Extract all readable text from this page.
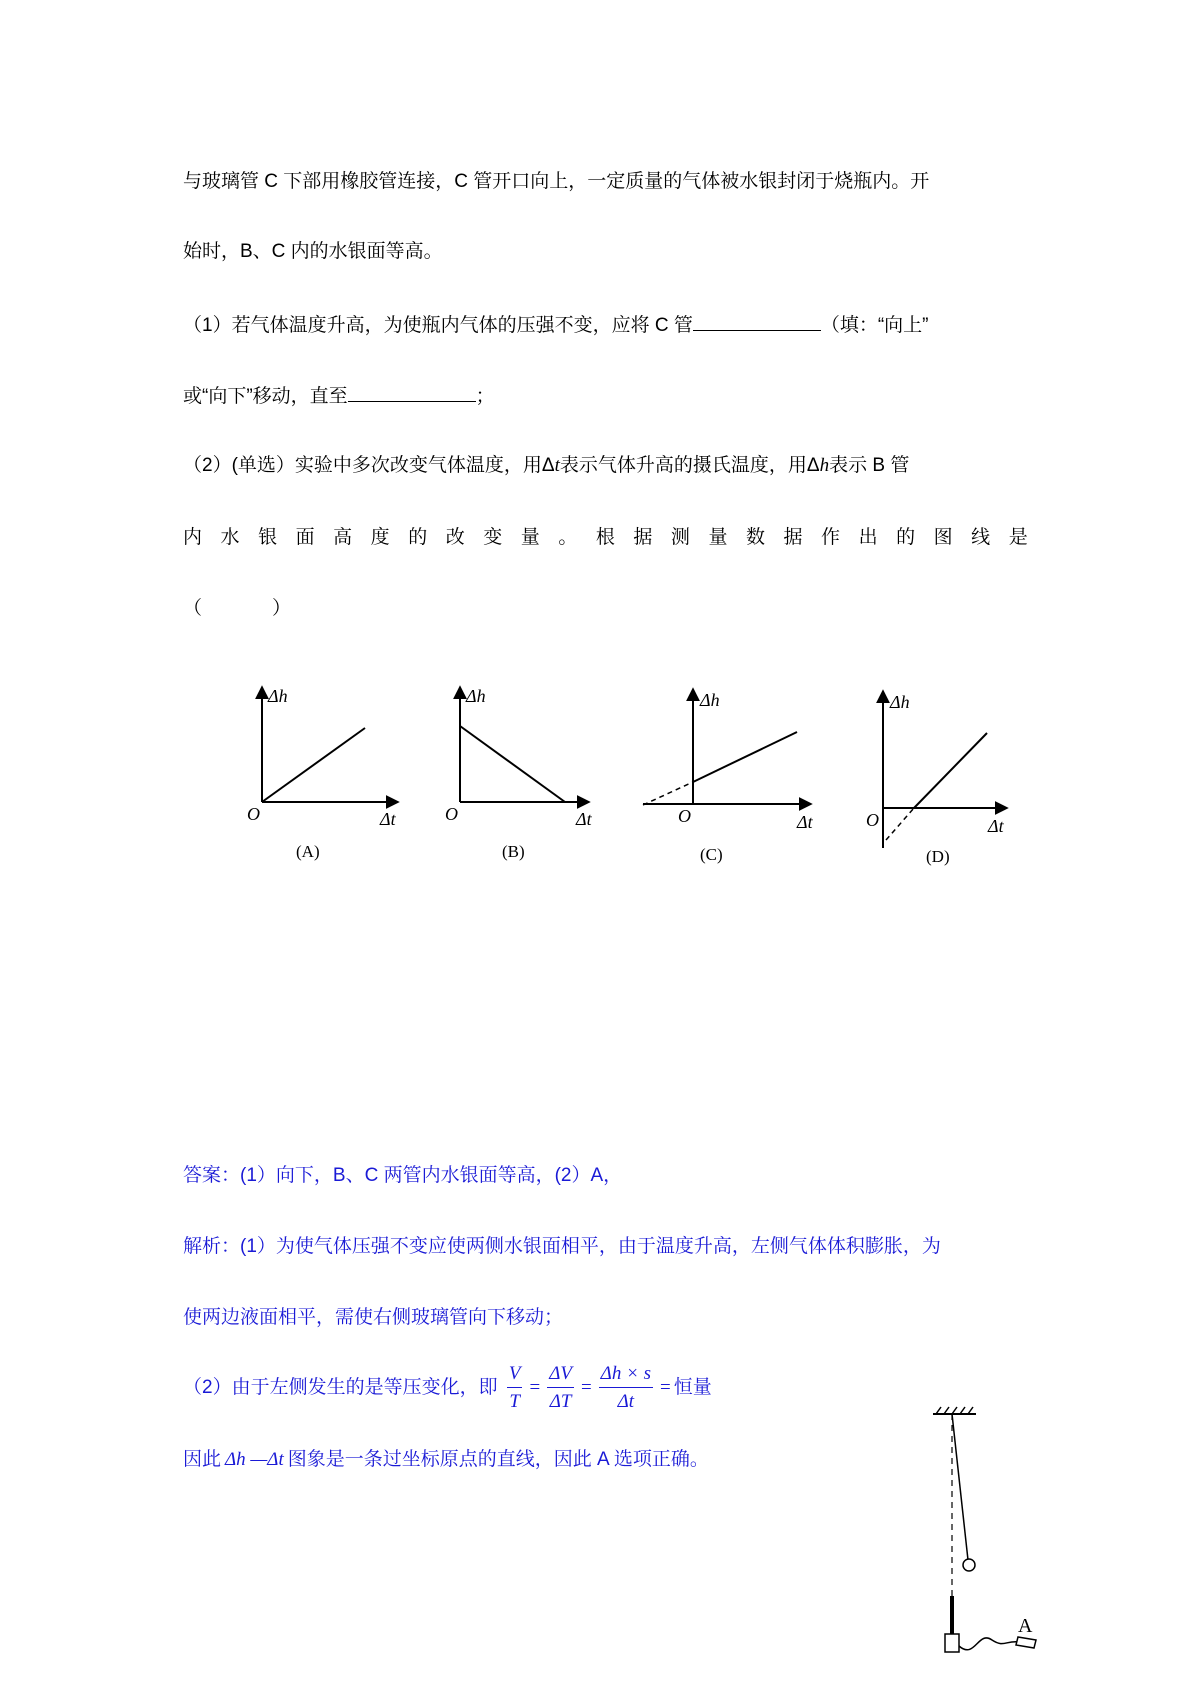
与玻璃管 C 下部用橡胶管连接，C 管开口向上，一定质量的气体被水银封闭于烧瓶内。开
始时，B、C 内的水银面等高。
（1）若气体温度升高，为使瓶内气体的压强不变，应将 C 管	（填：“向上”
或“向下”移动，直至	；
（2）(单选）实验中多次改变气体温度，用Δt表示气体升高的摄氏温度，用Δh表示 B 管
内 水 银 面 高 度 的 改 变 量 。 根 据 测 量 数 据 作 出 的 图 线 是
（	）
Δh
Δt
O
(A)
Δh
Δt
O
(B)
Δh
Δt
O
(C)
Δh
Δt
O
(D)
A
答案：(1）向下，B、C 两管内水银面等高，(2）A，
解析：(1）为使气体压强不变应使两侧水银面相平，由于温度升高，左侧气体体积膨胀，为
使两边液面相平，需使右侧玻璃管向下移动；
（2）由于左侧发生的是等压变化，即 $\frac{V}{T} = \frac{\Delta V}{\Delta T} = \frac{\Delta h \times s}{\Delta t}$ = 恒量
因此 Δh —Δt 图象是一条过坐标原点的直线，因此 A 选项正确。
